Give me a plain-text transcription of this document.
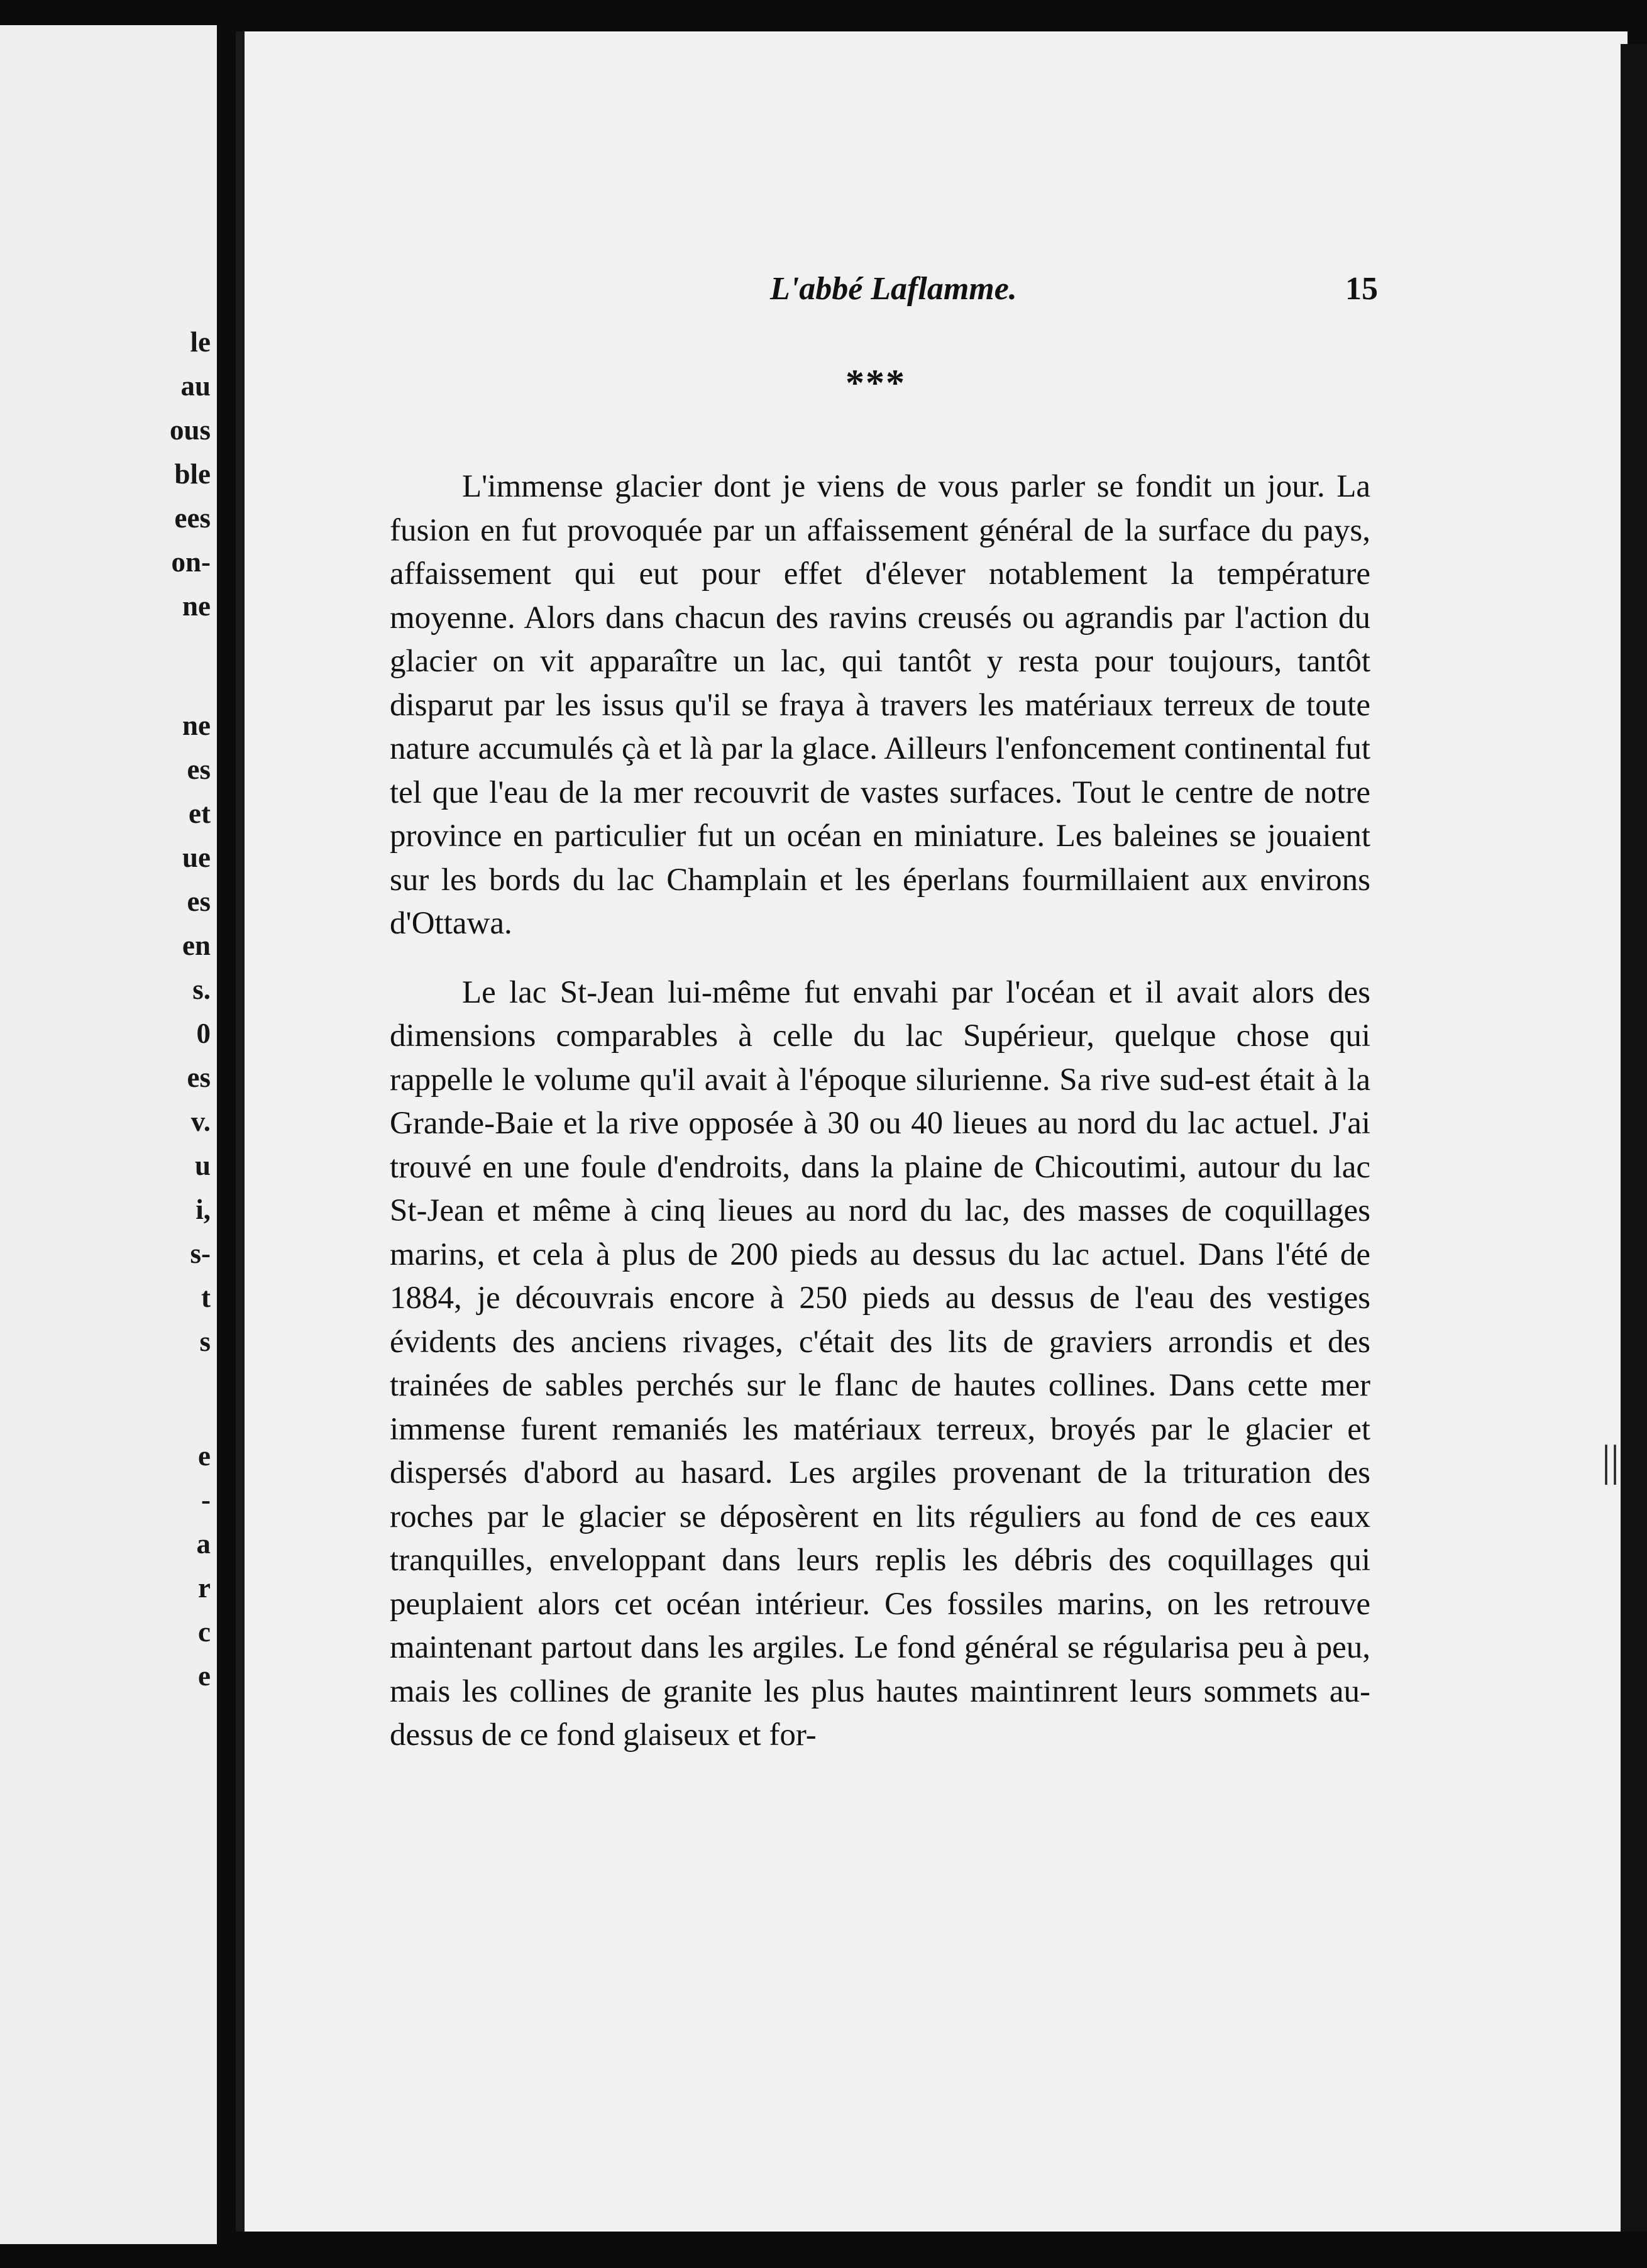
le
au
ous
ble
ees
on-
ne
ne
es
et
ue
es
en
s.
0
es
v.
u
i,
s-
t
s
e
-
a
r
c
e
L'abbé Laflamme.	15
***

L'immense glacier dont je viens de vous parler se fondit un jour. La fusion en fut provoquée par un affaissement général de la surface du pays, affaissement qui eut pour effet d'élever notablement la température moyenne. Alors dans chacun des ravins creusés ou agrandis par l'action du glacier on vit apparaître un lac, qui tantôt y resta pour toujours, tantôt disparut par les issus qu'il se fraya à travers les matériaux terreux de toute nature accumulés çà et là par la glace. Ailleurs l'enfoncement continental fut tel que l'eau de la mer recouvrit de vastes surfaces. Tout le centre de notre province en particulier fut un océan en miniature. Les baleines se jouaient sur les bords du lac Champlain et les éperlans fourmillaient aux environs d'Ottawa.

Le lac St-Jean lui-même fut envahi par l'océan et il avait alors des dimensions comparables à celle du lac Supérieur, quelque chose qui rappelle le volume qu'il avait à l'époque silurienne. Sa rive sud-est était à la Grande-Baie et la rive opposée à 30 ou 40 lieues au nord du lac actuel. J'ai trouvé en une foule d'endroits, dans la plaine de Chicoutimi, autour du lac St-Jean et même à cinq lieues au nord du lac, des masses de coquillages marins, et cela à plus de 200 pieds au dessus du lac actuel. Dans l'été de 1884, je découvrais encore à 250 pieds au dessus de l'eau des vestiges évidents des anciens rivages, c'était des lits de graviers arrondis et des trainées de sables perchés sur le flanc de hautes collines. Dans cette mer immense furent remaniés les matériaux terreux, broyés par le glacier et dispersés d'abord au hasard. Les argiles provenant de la trituration des roches par le glacier se déposèrent en lits réguliers au fond de ces eaux tranquilles, enveloppant dans leurs replis les débris des coquillages qui peuplaient alors cet océan intérieur. Ces fossiles marins, on les retrouve maintenant partout dans les argiles. Le fond général se régularisa peu à peu, mais les collines de granite les plus hautes maintinrent leurs sommets au-dessus de ce fond glaiseux et for-

||
